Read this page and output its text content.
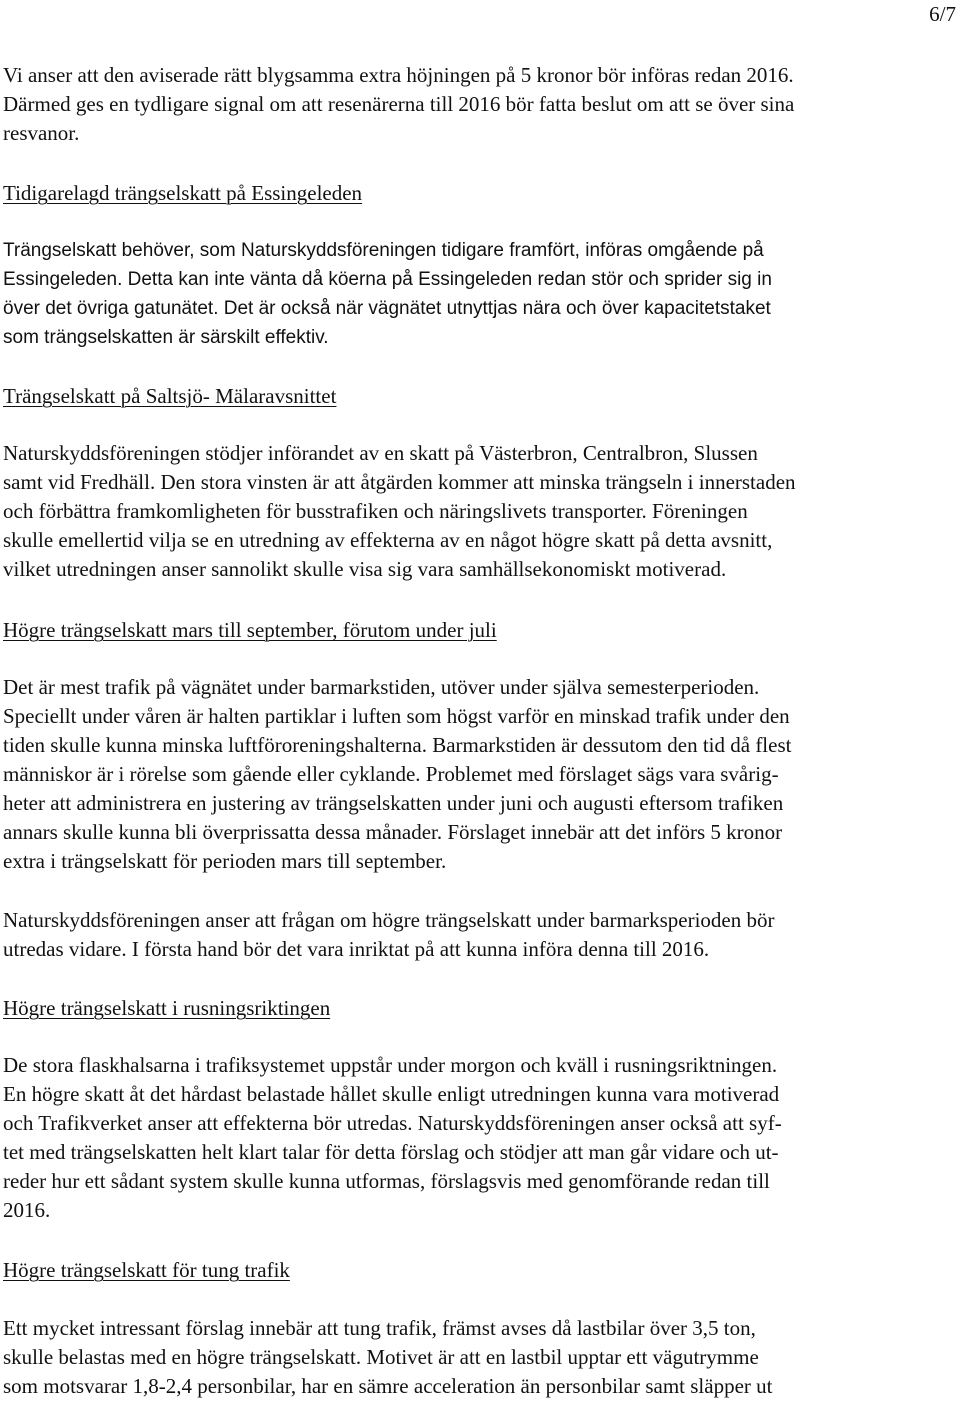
6/7

Vi anser att den aviserade rätt blygsamma extra höjningen på 5 kronor bör införas redan 2016.
Därmed ges en tydligare signal om att resenärerna till 2016 bör fatta beslut om att se över sina
resvanor.

Tidigarelagd trängselskatt på Essingeleden

Trängselskatt behöver, som Naturskyddsföreningen tidigare framfört, införas omgående på
Essingeleden. Detta kan inte vänta då köerna på Essingeleden redan stör och sprider sig in
över det övriga gatunätet. Det är också när vägnätet utnyttjas nära och över kapacitetstaket
som trängselskatten är särskilt effektiv.

Trängselskatt på Saltsjö- Mälaravsnittet

Naturskyddsföreningen stödjer införandet av en skatt på Västerbron, Centralbron, Slussen
samt vid Fredhäll. Den stora vinsten är att åtgärden kommer att minska trängseln i innerstaden
och förbättra framkomligheten för busstrafiken och näringslivets transporter. Föreningen
skulle emellertid vilja se en utredning av effekterna av en något högre skatt på detta avsnitt,
vilket utredningen anser sannolikt skulle visa sig vara samhällsekonomiskt motiverad.

Högre trängselskatt mars till september, förutom under juli

Det är mest trafik på vägnätet under barmarkstiden, utöver under själva semesterperioden.
Speciellt under våren är halten partiklar i luften som högst varför en minskad trafik under den
tiden skulle kunna minska luftföroreningshalterna. Barmarkstiden är dessutom den tid då flest
människor är i rörelse som gående eller cyklande. Problemet med förslaget sägs vara svårig-
heter att administrera en justering av trängselskatten under juni och augusti eftersom trafiken
annars skulle kunna bli överprissatta dessa månader. Förslaget innebär att det införs 5 kronor
extra i trängselskatt för perioden mars till september.

Naturskyddsföreningen anser att frågan om högre trängselskatt under barmarksperioden bör
utredas vidare. I första hand bör det vara inriktat på att kunna införa denna till 2016.

Högre trängselskatt i rusningsriktingen

De stora flaskhalsarna i trafiksystemet uppstår under morgon och kväll i rusningsriktningen.
En högre skatt åt det hårdast belastade hållet skulle enligt utredningen kunna vara motiverad
och Trafikverket anser att effekterna bör utredas. Naturskyddsföreningen anser också att syf-
tet med trängselskatten helt klart talar för detta förslag och stödjer att man går vidare och ut-
reder hur ett sådant system skulle kunna utformas, förslagsvis med genomförande redan till
2016.

Högre trängselskatt för tung trafik

Ett mycket intressant förslag innebär att tung trafik, främst avses då lastbilar över 3,5 ton,
skulle belastas med en högre trängselskatt. Motivet är att en lastbil upptar ett vägutrymme
som motsvarar 1,8-2,4 personbilar, har en sämre acceleration än personbilar samt släpper ut
